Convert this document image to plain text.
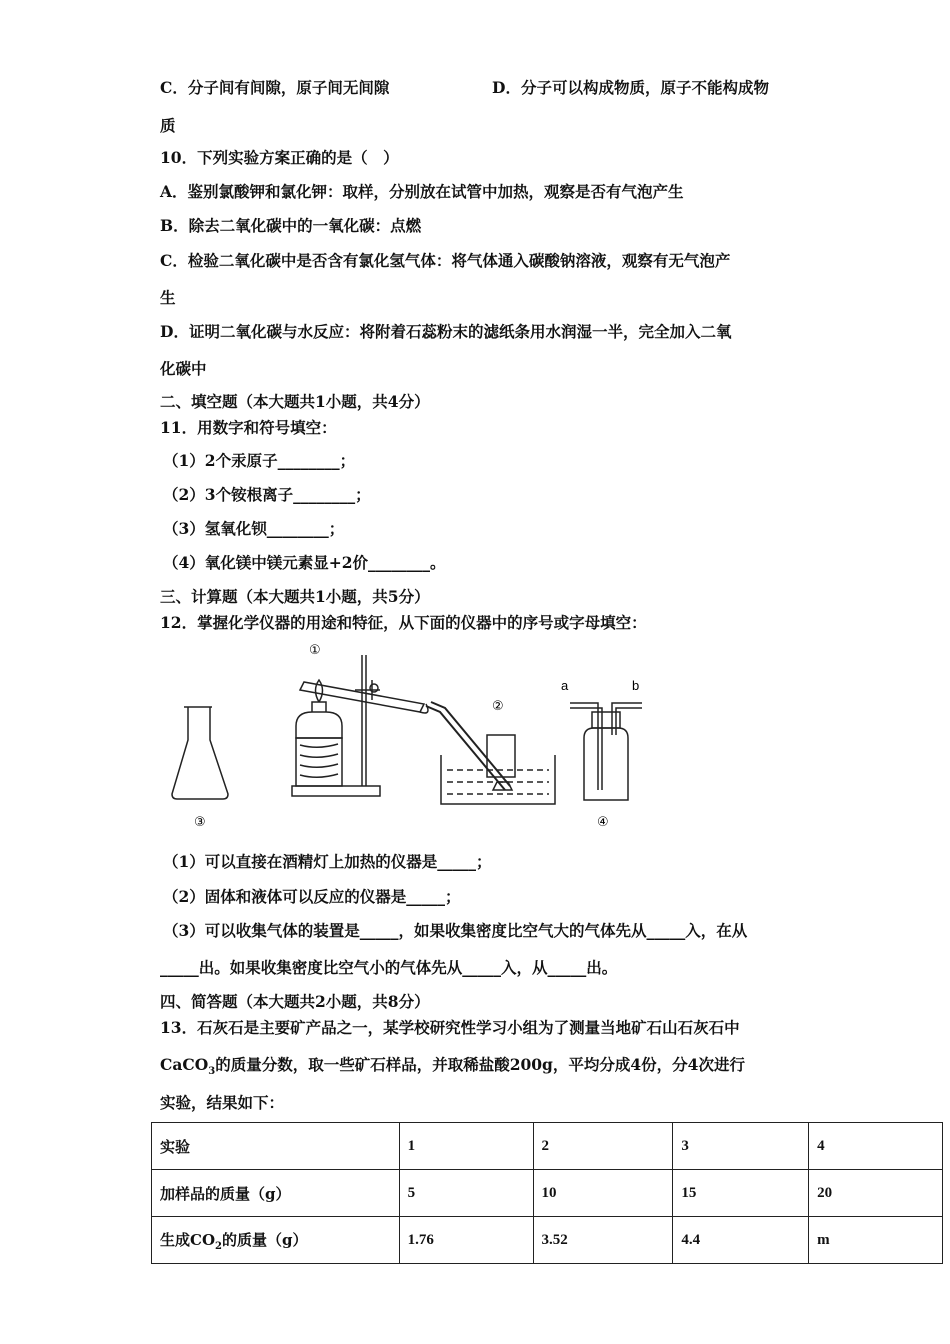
C．分子间有间隙，原子间无间隙	D．分子可以构成物质，原子不能构成物
质
10．下列实验方案正确的是（　）
A．鉴别氯酸钾和氯化钾：取样，分别放在试管中加热，观察是否有气泡产生
B．除去二氧化碳中的一氧化碳：点燃
C．检验二氧化碳中是否含有氯化氢气体：将气体通入碳酸钠溶液，观察有无气泡产
生
D．证明二氧化碳与水反应：将附着石蕊粉末的滤纸条用水润湿一半，完全加入二氧
化碳中
二、填空题（本大题共1小题，共4分）
11．用数字和符号填空：
（1）2个汞原子________；
（2）3个铵根离子________；
（3）氢氧化钡________；
（4）氧化镁中镁元素显+2价________。
三、计算题（本大题共1小题，共5分）
12．掌握化学仪器的用途和特征，从下面的仪器中的序号或字母填空：
③
①
②
a	b
④
（1）可以直接在酒精灯上加热的仪器是_____；
（2）固体和液体可以反应的仪器是_____；
（3）可以收集气体的装置是_____，如果收集密度比空气大的气体先从_____入，在从
_____出。如果收集密度比空气小的气体先从_____入，从_____出。
四、简答题（本大题共2小题，共8分）
13．石灰石是主要矿产品之一，某学校研究性学习小组为了测量当地矿石山石灰石中
CaCO$_3$的质量分数，取一些矿石样品，并取稀盐酸200g，平均分成4份，分4次进行
实验，结果如下：
实验	1	2	3	4
加样品的质量（g）	5	10	15	20
生成$CO_2$的质量（g）	1.76	3.52	4.4	m
